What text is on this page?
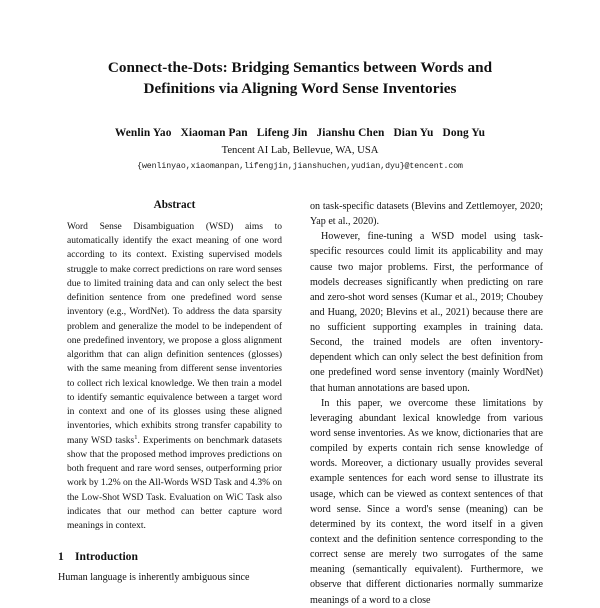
Connect-the-Dots: Bridging Semantics between Words and Definitions via Aligning Word Sense Inventories
Wenlin Yao Xiaoman Pan Lifeng Jin Jianshu Chen Dian Yu Dong Yu
Tencent AI Lab, Bellevue, WA, USA
{wenlinyao,xiaomanpan,lifengjin,jianshuchen,yudian,dyu}@tencent.com
Abstract

Word Sense Disambiguation (WSD) aims to automatically identify the exact meaning of one word according to its context. Existing supervised models struggle to make correct predictions on rare word senses due to limited training data and can only select the best definition sentence from one predefined word sense inventory (e.g., WordNet). To address the data sparsity problem and generalize the model to be independent of one predefined inventory, we propose a gloss alignment algorithm that can align definition sentences (glosses) with the same meaning from different sense inventories to collect rich lexical knowledge. We then train a model to identify semantic equivalence between a target word in context and one of its glosses using these aligned inventories, which exhibits strong transfer capability to many WSD tasks$^1$. Experiments on benchmark datasets show that the proposed method improves predictions on both frequent and rare word senses, outperforming prior work by 1.2% on the All-Words WSD Task and 4.3% on the Low-Shot WSD Task. Evaluation on WiC Task also indicates that our method can better capture word meanings in context.

1 Introduction

Human language is inherently ambiguous since

on task-specific datasets (Blevins and Zettlemoyer, 2020; Yap et al., 2020).

However, fine-tuning a WSD model using task-specific resources could limit its applicability and may cause two major problems. First, the performance of models decreases significantly when predicting on rare and zero-shot word senses (Kumar et al., 2019; Choubey and Huang, 2020; Blevins et al., 2021) because there are no sufficient supporting examples in training data. Second, the trained models are often inventory-dependent which can only select the best definition from one predefined word sense inventory (mainly WordNet) that human annotations are based upon.

In this paper, we overcome these limitations by leveraging abundant lexical knowledge from various word sense inventories. As we know, dictionaries that are compiled by experts contain rich sense knowledge of words. Moreover, a dictionary usually provides several example sentences for each word sense to illustrate its usage, which can be viewed as context sentences of that word sense. Since a word's sense (meaning) can be determined by its context, the word itself in a given context and the definition sentence corresponding to the correct sense are merely two surrogates of the same meaning (semantically equivalent). Furthermore, we observe that different dictionaries normally summarize meanings of a word to a close
